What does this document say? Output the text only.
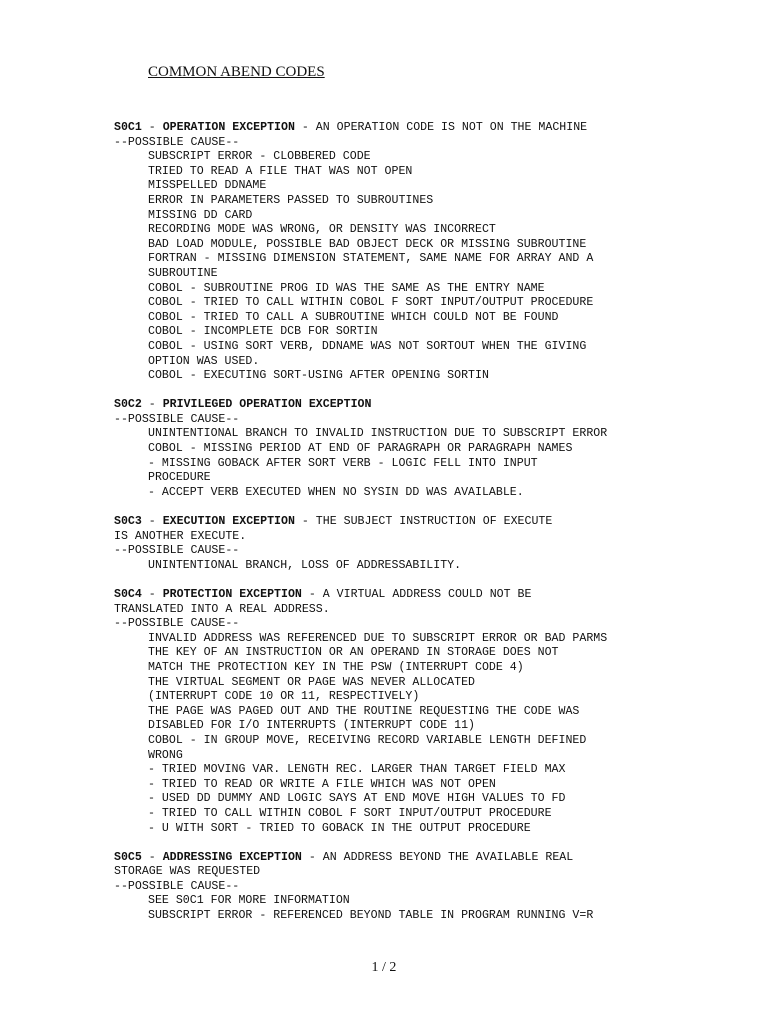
COMMON ABEND CODES
S0C1 - OPERATION EXCEPTION - AN OPERATION CODE IS NOT ON THE MACHINE
--POSSIBLE CAUSE--
SUBSCRIPT ERROR - CLOBBERED CODE
TRIED TO READ A FILE THAT WAS NOT OPEN
MISSPELLED DDNAME
ERROR IN PARAMETERS PASSED TO SUBROUTINES
MISSING DD CARD
RECORDING MODE WAS WRONG, OR DENSITY WAS INCORRECT
BAD LOAD MODULE, POSSIBLE BAD OBJECT DECK OR MISSING SUBROUTINE
FORTRAN - MISSING DIMENSION STATEMENT, SAME NAME FOR ARRAY AND A
SUBROUTINE
COBOL - SUBROUTINE PROG ID WAS THE SAME AS THE ENTRY NAME
COBOL - TRIED TO CALL WITHIN COBOL F SORT INPUT/OUTPUT PROCEDURE
COBOL - TRIED TO CALL A SUBROUTINE WHICH COULD NOT BE FOUND
COBOL - INCOMPLETE DCB FOR SORTIN
COBOL - USING SORT VERB, DDNAME WAS NOT SORTOUT WHEN THE GIVING
OPTION WAS USED.
COBOL - EXECUTING SORT-USING AFTER OPENING SORTIN
S0C2 - PRIVILEGED OPERATION EXCEPTION
--POSSIBLE CAUSE--
UNINTENTIONAL BRANCH TO INVALID INSTRUCTION DUE TO SUBSCRIPT ERROR
COBOL - MISSING PERIOD AT END OF PARAGRAPH OR PARAGRAPH NAMES
- MISSING GOBACK AFTER SORT VERB - LOGIC FELL INTO INPUT
PROCEDURE
- ACCEPT VERB EXECUTED WHEN NO SYSIN DD WAS AVAILABLE.
S0C3 - EXECUTION EXCEPTION - THE SUBJECT INSTRUCTION OF EXECUTE
IS ANOTHER EXECUTE.
--POSSIBLE CAUSE--
UNINTENTIONAL BRANCH, LOSS OF ADDRESSABILITY.
S0C4 - PROTECTION EXCEPTION - A VIRTUAL ADDRESS COULD NOT BE
TRANSLATED INTO A REAL ADDRESS.
--POSSIBLE CAUSE--
INVALID ADDRESS WAS REFERENCED DUE TO SUBSCRIPT ERROR OR BAD PARMS
THE KEY OF AN INSTRUCTION OR AN OPERAND IN STORAGE DOES NOT
MATCH THE PROTECTION KEY IN THE PSW (INTERRUPT CODE 4)
THE VIRTUAL SEGMENT OR PAGE WAS NEVER ALLOCATED
(INTERRUPT CODE 10 OR 11, RESPECTIVELY)
THE PAGE WAS PAGED OUT AND THE ROUTINE REQUESTING THE CODE WAS
DISABLED FOR I/O INTERRUPTS (INTERRUPT CODE 11)
COBOL - IN GROUP MOVE, RECEIVING RECORD VARIABLE LENGTH DEFINED
WRONG
- TRIED MOVING VAR. LENGTH REC. LARGER THAN TARGET FIELD MAX
- TRIED TO READ OR WRITE A FILE WHICH WAS NOT OPEN
- USED DD DUMMY AND LOGIC SAYS AT END MOVE HIGH VALUES TO FD
- TRIED TO CALL WITHIN COBOL F SORT INPUT/OUTPUT PROCEDURE
- U WITH SORT - TRIED TO GOBACK IN THE OUTPUT PROCEDURE
S0C5 - ADDRESSING EXCEPTION - AN ADDRESS BEYOND THE AVAILABLE REAL
STORAGE WAS REQUESTED
--POSSIBLE CAUSE--
SEE S0C1 FOR MORE INFORMATION
SUBSCRIPT ERROR - REFERENCED BEYOND TABLE IN PROGRAM RUNNING V=R
1 / 2
